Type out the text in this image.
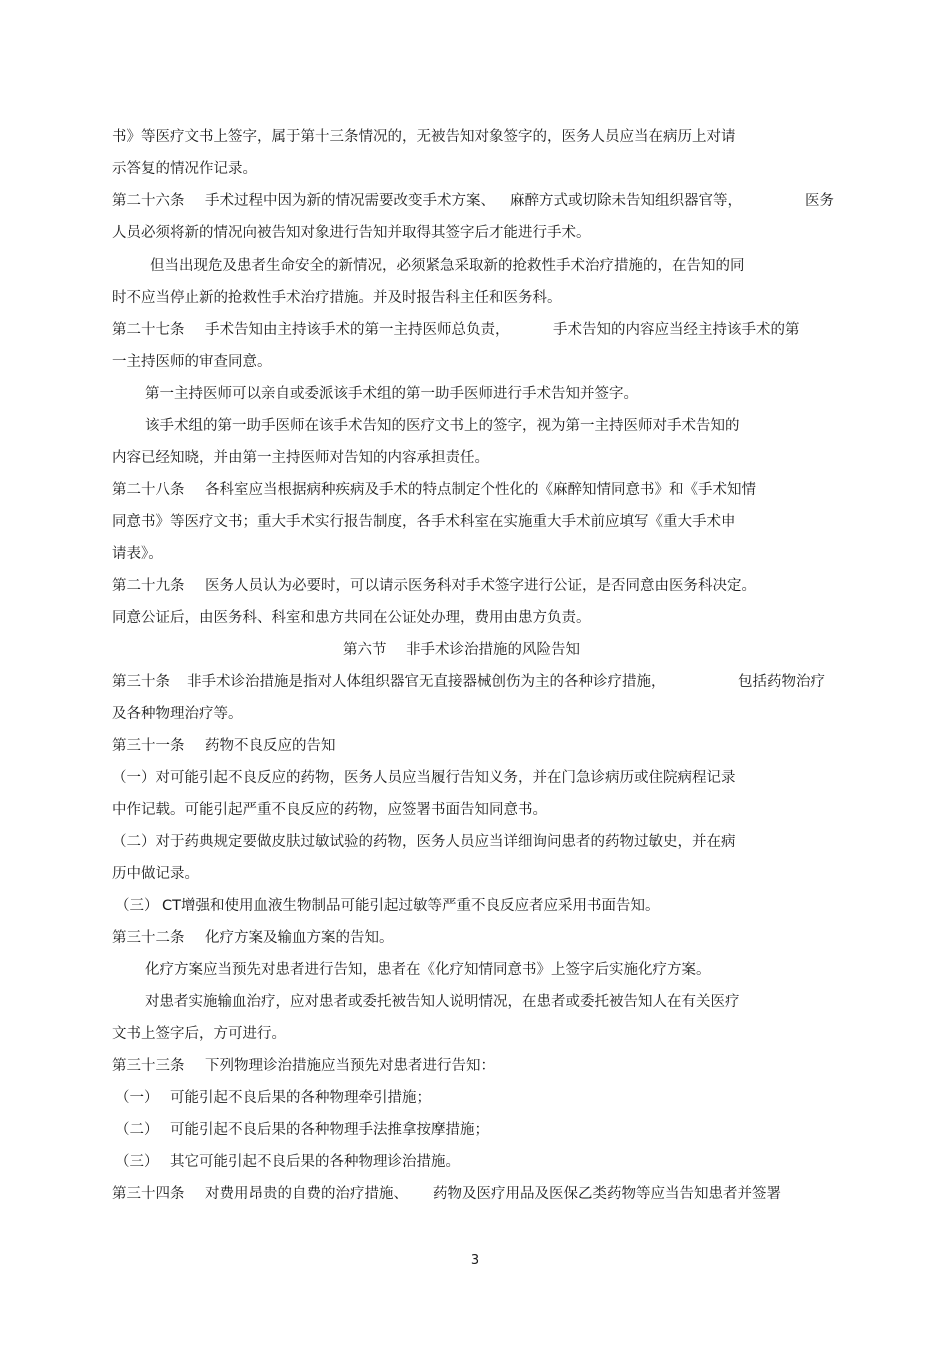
书》等医疗文书上签字，属于第十三条情况的，无被告知对象签字的，医务人员应当在病历上对请
示答复的情况作记录。
第二十六条 手术过程中因为新的情况需要改变手术方案、 麻醉方式或切除未告知组织器官等，	医务
人员必须将新的情况向被告知对象进行告知并取得其签字后才能进行手术。
但当出现危及患者生命安全的新情况，必须紧急采取新的抢救性手术治疗措施的，在告知的同
时不应当停止新的抢救性手术治疗措施。并及时报告科主任和医务科。
第二十七条 手术告知由主持该手术的第一主持医师总负责，	手术告知的内容应当经主持该手术的第
一主持医师的审查同意。
第一主持医师可以亲自或委派该手术组的第一助手医师进行手术告知并签字。
该手术组的第一助手医师在该手术告知的医疗文书上的签字，视为第一主持医师对手术告知的
内容已经知晓，并由第一主持医师对告知的内容承担责任。
第二十八条 各科室应当根据病种疾病及手术的特点制定个性化的《麻醉知情同意书》和《手术知情
同意书》等医疗文书；重大手术实行报告制度，各手术科室在实施重大手术前应填写《重大手术申
请表》。
第二十九条 医务人员认为必要时，可以请示医务科对手术签字进行公证，是否同意由医务科决定。
同意公证后，由医务科、科室和患方共同在公证处办理，费用由患方负责。
第六节 非手术诊治措施的风险告知
第三十条 非手术诊治措施是指对人体组织器官无直接器械创伤为主的各种诊疗措施，	包括药物治疗
及各种物理治疗等。
第三十一条 药物不良反应的告知
（一）对可能引起不良反应的药物，医务人员应当履行告知义务，并在门急诊病历或住院病程记录
中作记载。可能引起严重不良反应的药物，应签署书面告知同意书。
（二）对于药典规定要做皮肤过敏试验的药物，医务人员应当详细询问患者的药物过敏史，并在病
历中做记录。
（三） CT增强和使用血液生物制品可能引起过敏等严重不良反应者应采用书面告知。
第三十二条 化疗方案及输血方案的告知。
化疗方案应当预先对患者进行告知，患者在《化疗知情同意书》上签字后实施化疗方案。
对患者实施输血治疗，应对患者或委托被告知人说明情况，在患者或委托被告知人在有关医疗
文书上签字后，方可进行。
第三十三条 下列物理诊治措施应当预先对患者进行告知：
（一） 可能引起不良后果的各种物理牵引措施；
（二） 可能引起不良后果的各种物理手法推拿按摩措施；
（三） 其它可能引起不良后果的各种物理诊治措施。
第三十四条 对费用昂贵的自费的治疗措施、 药物及医疗用品及医保乙类药物等应当告知患者并签署
3
